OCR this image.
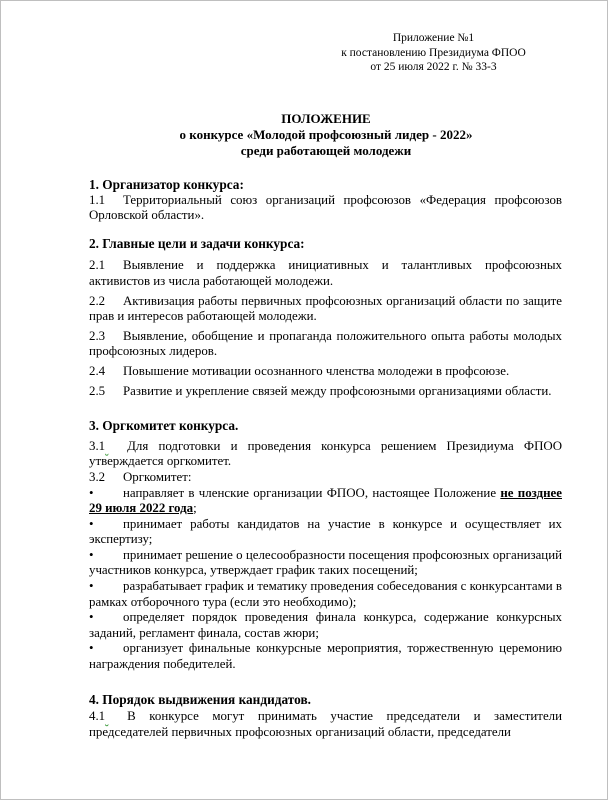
Приложение №1
к постановлению Президиума ФПОО
от 25 июля 2022 г. № 33-3
ПОЛОЖЕНИЕ
о конкурсе «Молодой профсоюзный лидер - 2022»
среди работающей молодежи
1. Организатор конкурса:

1.1 Территориальный союз организаций профсоюзов «Федерация профсоюзов Орловской области».

2. Главные цели и задачи конкурса:

2.1 Выявление и поддержка инициативных и талантливых профсоюзных активистов из числа работающей молодежи.

2.2 Активизация работы первичных профсоюзных организаций области по защите прав и интересов работающей молодежи.

2.3 Выявление, обобщение и пропаганда положительного опыта работы молодых профсоюзных лидеров.

2.4 Повышение мотивации осознанного членства молодежи в профсоюзе.

2.5 Развитие и укрепление связей между профсоюзными организациями области.

3. Оргкомитет конкурса.

3.1 Для подготовки и проведения конкурса решением Президиума ФПОО утверждается оргкомитет.

3.2 Оргкомитет:

• направляет в членские организации ФПОО, настоящее Положение не позднее 29 июля 2022 года;

• принимает работы кандидатов на участие в конкурсе и осуществляет их экспертизу;

• принимает решение о целесообразности посещения профсоюзных организаций участников конкурса, утверждает график таких посещений;

• разрабатывает график и тематику проведения собеседования с конкурсантами в рамках отборочного тура (если это необходимо);

• определяет порядок проведения финала конкурса, содержание конкурсных заданий, регламент финала, состав жюри;

• организует финальные конкурсные мероприятия, торжественную церемонию награждения победителей.

4. Порядок выдвижения кандидатов.

4.1 В конкурсе могут принимать участие председатели и заместители председателей первичных профсоюзных организаций области, председатели
